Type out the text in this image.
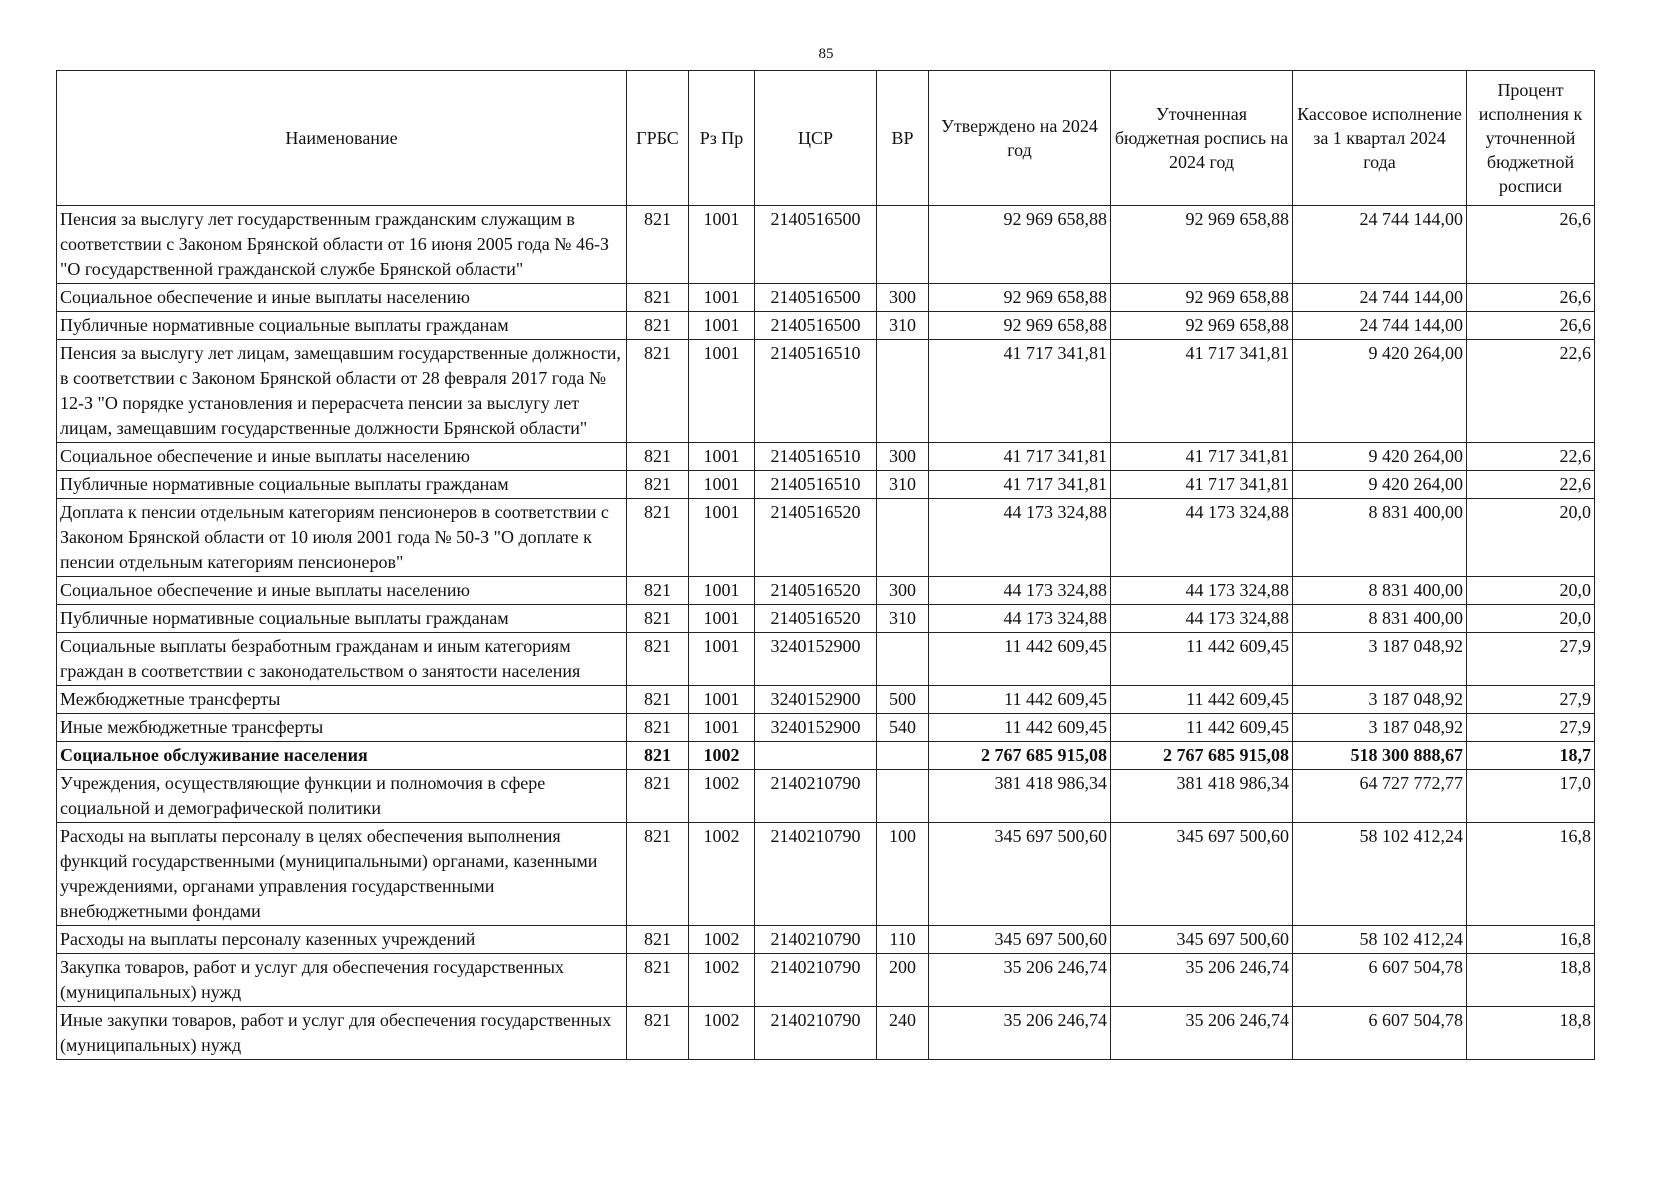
85
Наименование	ГРБС	Рз Пр	ЦСР	ВР	Утверждено на 2024 год	Уточненная бюджетная роспись на 2024 год	Кассовое исполнение за 1 квартал 2024 года	Процент исполнения к уточненной бюджетной росписи
Пенсия за выслугу лет государственным гражданским служащим в соответствии с Законом Брянской области от 16 июня 2005 года № 46-З "О государственной гражданской службе Брянской области"	821	1001	2140516500		92 969 658,88	92 969 658,88	24 744 144,00	26,6
Социальное обеспечение и иные выплаты населению	821	1001	2140516500	300	92 969 658,88	92 969 658,88	24 744 144,00	26,6
Публичные нормативные социальные выплаты гражданам	821	1001	2140516500	310	92 969 658,88	92 969 658,88	24 744 144,00	26,6
Пенсия за выслугу лет лицам, замещавшим государственные должности, в соответствии с Законом Брянской области от 28 февраля 2017 года № 12-З "О порядке установления и перерасчета пенсии за выслугу лет лицам, замещавшим государственные должности Брянской области"	821	1001	2140516510		41 717 341,81	41 717 341,81	9 420 264,00	22,6
Социальное обеспечение и иные выплаты населению	821	1001	2140516510	300	41 717 341,81	41 717 341,81	9 420 264,00	22,6
Публичные нормативные социальные выплаты гражданам	821	1001	2140516510	310	41 717 341,81	41 717 341,81	9 420 264,00	22,6
Доплата к пенсии отдельным категориям пенсионеров в соответствии с Законом Брянской области от 10 июля 2001 года № 50-З "О доплате к пенсии отдельным категориям пенсионеров"	821	1001	2140516520		44 173 324,88	44 173 324,88	8 831 400,00	20,0
Социальное обеспечение и иные выплаты населению	821	1001	2140516520	300	44 173 324,88	44 173 324,88	8 831 400,00	20,0
Публичные нормативные социальные выплаты гражданам	821	1001	2140516520	310	44 173 324,88	44 173 324,88	8 831 400,00	20,0
Социальные выплаты безработным гражданам и иным категориям граждан в соответствии с законодательством о занятости населения	821	1001	3240152900		11 442 609,45	11 442 609,45	3 187 048,92	27,9
Межбюджетные трансферты	821	1001	3240152900	500	11 442 609,45	11 442 609,45	3 187 048,92	27,9
Иные межбюджетные трансферты	821	1001	3240152900	540	11 442 609,45	11 442 609,45	3 187 048,92	27,9
Социальное обслуживание населения	821	1002			2 767 685 915,08	2 767 685 915,08	518 300 888,67	18,7
Учреждения, осуществляющие функции и полномочия в сфере социальной и демографической политики	821	1002	2140210790		381 418 986,34	381 418 986,34	64 727 772,77	17,0
Расходы на выплаты персоналу в целях обеспечения выполнения функций государственными (муниципальными) органами, казенными учреждениями, органами управления государственными внебюджетными фондами	821	1002	2140210790	100	345 697 500,60	345 697 500,60	58 102 412,24	16,8
Расходы на выплаты персоналу казенных учреждений	821	1002	2140210790	110	345 697 500,60	345 697 500,60	58 102 412,24	16,8
Закупка товаров, работ и услуг для обеспечения государственных (муниципальных) нужд	821	1002	2140210790	200	35 206 246,74	35 206 246,74	6 607 504,78	18,8
Иные закупки товаров, работ и услуг для обеспечения государственных (муниципальных) нужд	821	1002	2140210790	240	35 206 246,74	35 206 246,74	6 607 504,78	18,8
